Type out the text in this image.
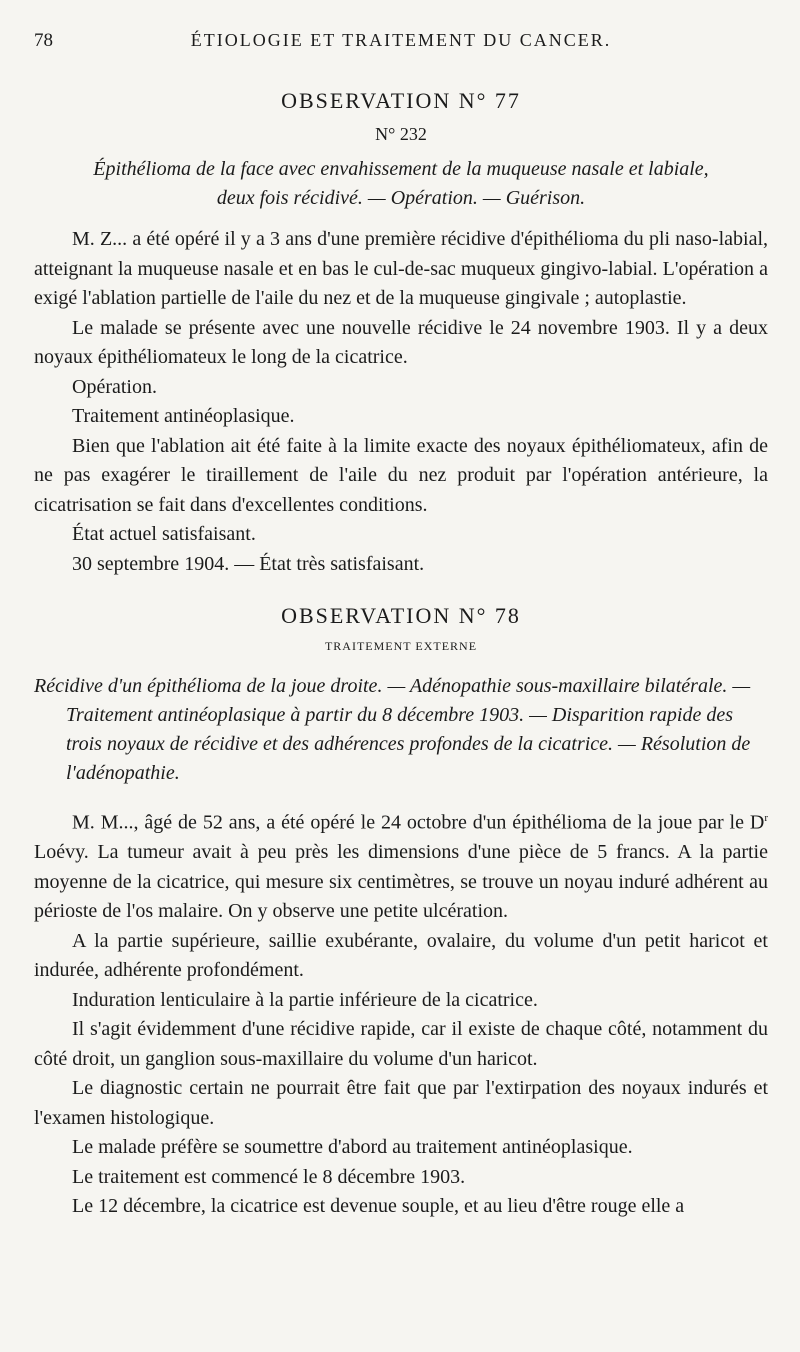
78	ÉTIOLOGIE ET TRAITEMENT DU CANCER.
OBSERVATION N° 77

N° 232

Épithélioma de la face avec envahissement de la muqueuse nasale et labiale,

deux fois récidivé. — Opération. — Guérison.

M. Z... a été opéré il y a 3 ans d'une première récidive d'épithélioma du pli naso-labial, atteignant la muqueuse nasale et en bas le cul-de-sac muqueux gingivo-labial. L'opération a exigé l'ablation partielle de l'aile du nez et de la muqueuse gingivale ; autoplastie.

Le malade se présente avec une nouvelle récidive le 24 novembre 1903. Il y a deux noyaux épithéliomateux le long de la cicatrice.

Opération.

Traitement antinéoplasique.

Bien que l'ablation ait été faite à la limite exacte des noyaux épithéliomateux, afin de ne pas exagérer le tiraillement de l'aile du nez produit par l'opération antérieure, la cicatrisation se fait dans d'excellentes conditions.

État actuel satisfaisant.

30 septembre 1904. — État très satisfaisant.

OBSERVATION N° 78

TRAITEMENT EXTERNE

Récidive d'un épithélioma de la joue droite. — Adénopathie sous-maxillaire bilatérale. — Traitement antinéoplasique à partir du 8 décembre 1903. — Disparition rapide des trois noyaux de récidive et des adhérences profondes de la cicatrice. — Résolution de l'adénopathie.

M. M..., âgé de 52 ans, a été opéré le 24 octobre d'un épithélioma de la joue par le $D^r$ Loévy. La tumeur avait à peu près les dimensions d'une pièce de 5 francs. A la partie moyenne de la cicatrice, qui mesure six centimètres, se trouve un noyau induré adhérent au périoste de l'os malaire. On y observe une petite ulcération.

A la partie supérieure, saillie exubérante, ovalaire, du volume d'un petit haricot et indurée, adhérente profondément.

Induration lenticulaire à la partie inférieure de la cicatrice.

Il s'agit évidemment d'une récidive rapide, car il existe de chaque côté, notamment du côté droit, un ganglion sous-maxillaire du volume d'un haricot.

Le diagnostic certain ne pourrait être fait que par l'extirpation des noyaux indurés et l'examen histologique.

Le malade préfère se soumettre d'abord au traitement antinéoplasique.

Le traitement est commencé le 8 décembre 1903.

Le 12 décembre, la cicatrice est devenue souple, et au lieu d'être rouge elle a
